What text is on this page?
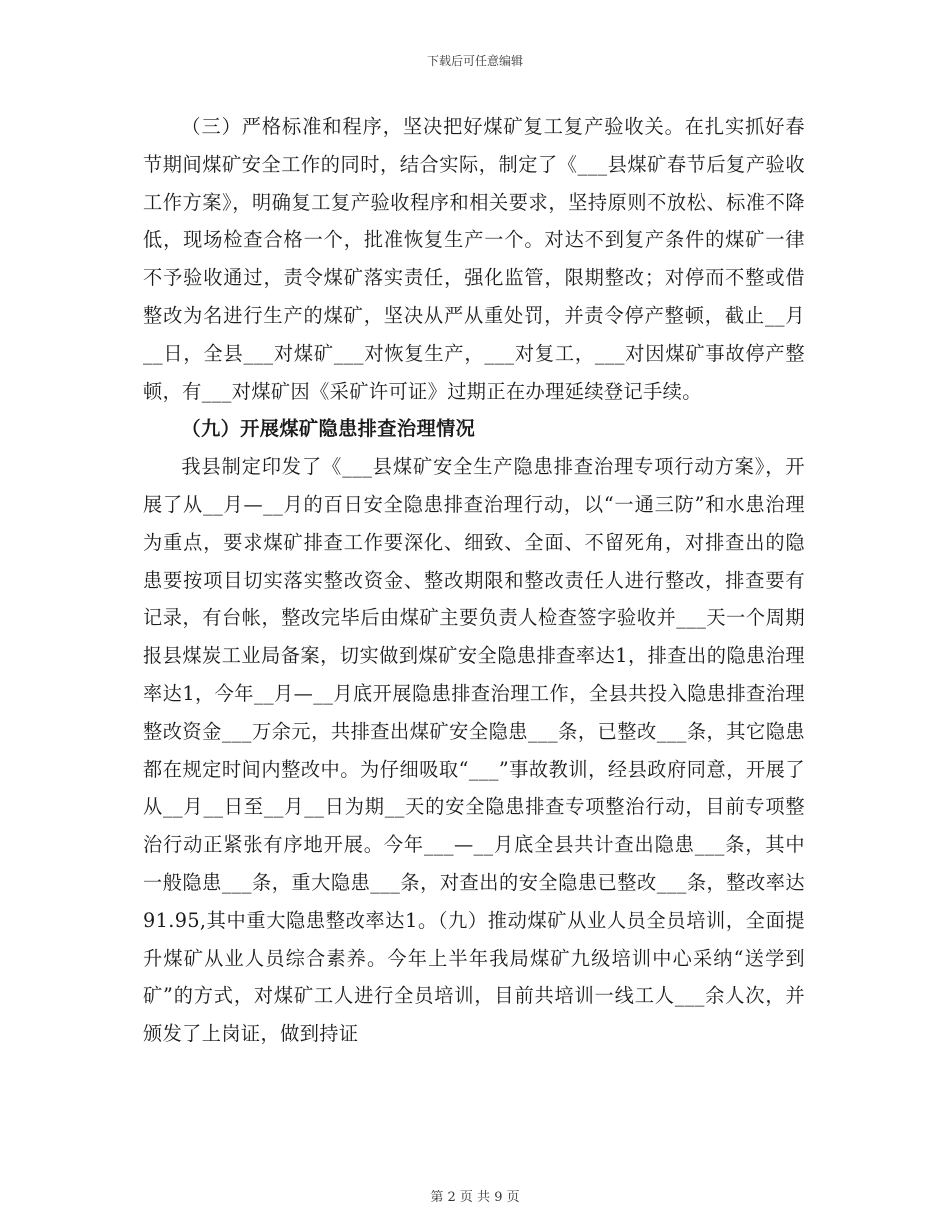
下载后可任意编辑

（三）严格标准和程序，坚决把好煤矿复工复产验收关。在扎实抓好春节期间煤矿安全工作的同时，结合实际，制定了《___县煤矿春节后复产验收工作方案》，明确复工复产验收程序和相关要求，坚持原则不放松、标准不降低，现场检查合格一个，批准恢复生产一个。对达不到复产条件的煤矿一律不予验收通过，责令煤矿落实责任，强化监管，限期整改；对停而不整或借整改为名进行生产的煤矿，坚决从严从重处罚，并责令停产整顿，截止__月__日，全县___对煤矿___对恢复生产，___对复工，___对因煤矿事故停产整顿，有___对煤矿因《采矿许可证》过期正在办理延续登记手续。

（九）开展煤矿隐患排查治理情况

我县制定印发了《___县煤矿安全生产隐患排查治理专项行动方案》，开展了从__月—__月的百日安全隐患排查治理行动，以“一通三防”和水患治理为重点，要求煤矿排查工作要深化、细致、全面、不留死角，对排查出的隐患要按项目切实落实整改资金、整改期限和整改责任人进行整改，排查要有记录，有台帐，整改完毕后由煤矿主要负责人检查签字验收并___天一个周期报县煤炭工业局备案，切实做到煤矿安全隐患排查率达1，排查出的隐患治理率达1，今年__月—__月底开展隐患排查治理工作，全县共投入隐患排查治理整改资金___万余元，共排查出煤矿安全隐患___条，已整改___条，其它隐患都在规定时间内整改中。为仔细吸取“___”事故教训，经县政府同意，开展了从__月__日至__月__日为期__天的安全隐患排查专项整治行动，目前专项整治行动正紧张有序地开展。今年___—__月底全县共计查出隐患___条，其中一般隐患___条，重大隐患___条，对查出的安全隐患已整改___条，整改率达91.95,其中重大隐患整改率达1。（九）推动煤矿从业人员全员培训，全面提升煤矿从业人员综合素养。今年上半年我局煤矿九级培训中心采纳“送学到矿”的方式，对煤矿工人进行全员培训，目前共培训一线工人___余人次，并颁发了上岗证，做到持证

第 2 页 共 9 页
